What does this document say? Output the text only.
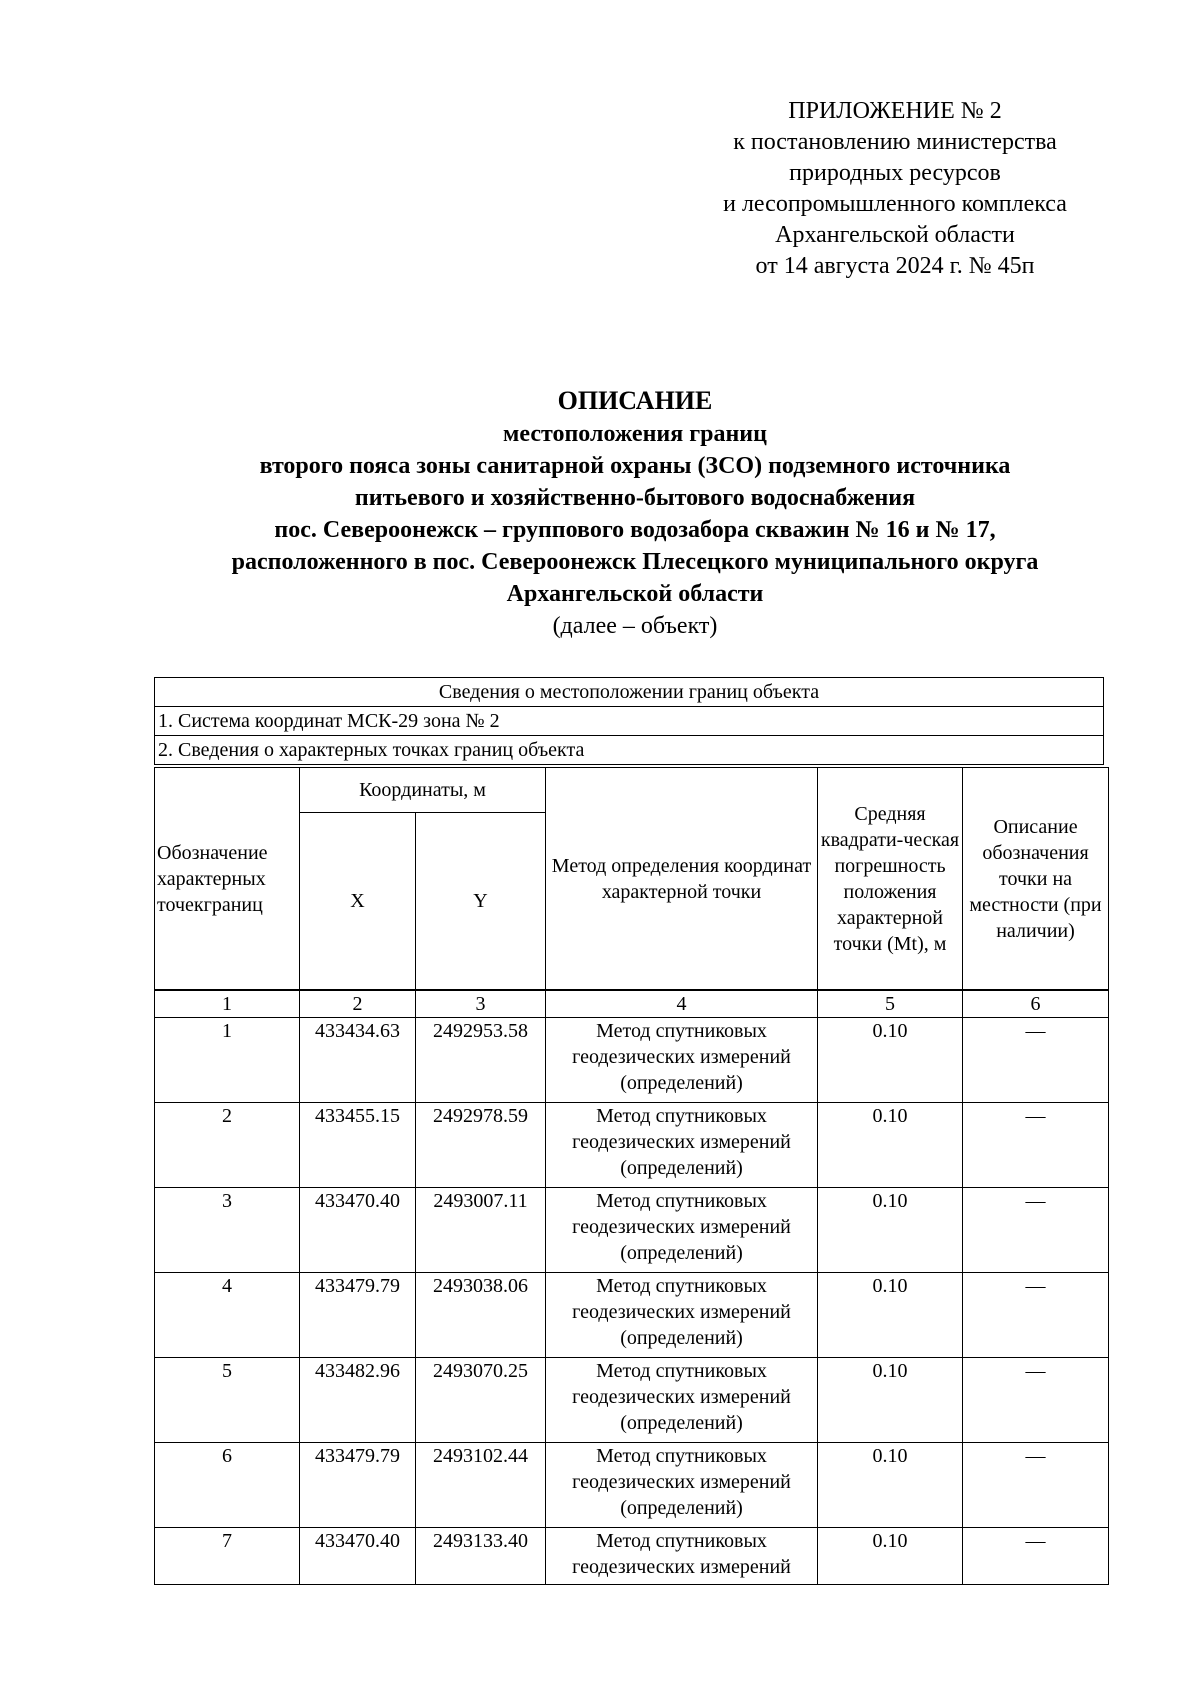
ПРИЛОЖЕНИЕ № 2
к постановлению министерства
природных ресурсов
и лесопромышленного комплекса
Архангельской области
от 14 августа 2024 г. № 45п
ОПИСАНИЕ
местоположения границ
второго пояса зоны санитарной охраны (ЗСО) подземного источника
питьевого и хозяйственно-бытового водоснабжения
пос. Североонежск – группового водозабора скважин № 16 и № 17,
расположенного в пос. Североонежск Плесецкого муниципального округа
Архангельской области
(далее – объект)
Сведения о местоположении границ объекта
1. Система координат МСК-29 зона № 2
2. Сведения о характерных точках границ объекта
Обозначение характерных точекграниц	Координаты, м		Метод определения координат характерной точки	Средняя квадрати-ческая погрешность положения характерной точки (Mt), м	Описание обозначения точки на местности (при наличии)
	X	Y			
1	2	3	4	5	6
1	433434.63	2492953.58	Метод спутниковых геодезических измерений (определений)	0.10	—
2	433455.15	2492978.59	Метод спутниковых геодезических измерений (определений)	0.10	—
3	433470.40	2493007.11	Метод спутниковых геодезических измерений (определений)	0.10	—
4	433479.79	2493038.06	Метод спутниковых геодезических измерений (определений)	0.10	—
5	433482.96	2493070.25	Метод спутниковых геодезических измерений (определений)	0.10	—
6	433479.79	2493102.44	Метод спутниковых геодезических измерений (определений)	0.10	—
7	433470.40	2493133.40	Метод спутниковых геодезических измерений	0.10	—
